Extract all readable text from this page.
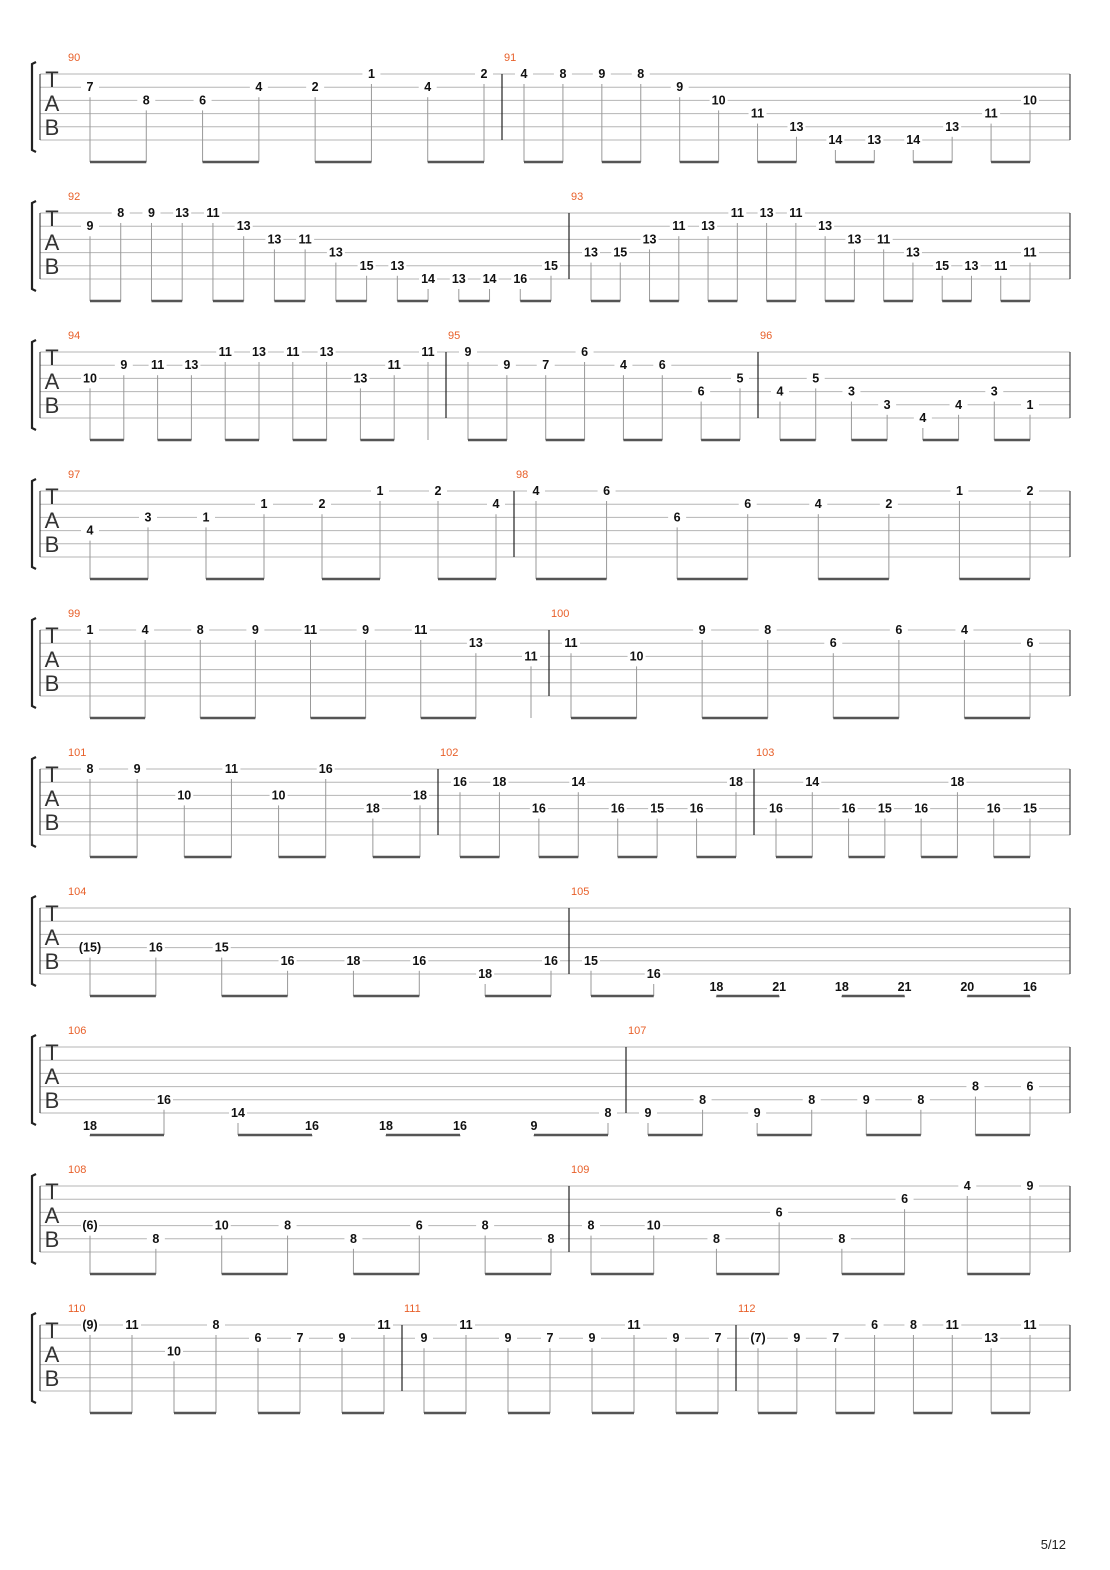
T
A
B
90
7
8	6
4	2
1
4
2
91
4	8	9	8
9
10
11
13
14 13 14
13
11
10
T
A
B
92
9
8 9 13 11
13
13 11
13
15 13
14 13 14 16
15
93
13 15
13
11 13
11 13 11
13
13 11
13
15 13 11
11
T
A
B
94
10
9 11 13
11 13 11 13
13
11
11
95
9
9	7
6
4	6
6
5
96
4
5
3
3
4
4
3
1
T
A
B
97
4
3	1
1	2
1	2
4
98
4	6
6
6	4	2
1	2
T
A
B
99
1	4	8	9	11	9	11
13
11
100
11
10
9	8
6
6	4
6
T
A
B
101
8	9
10
11
10
16
18
18
102
16 18
16
14
16 15 16
18
103
16
14
16 15 16
18
16 15
T
A
B
104
(15)	16	15
16	18	16
18
16
105
15
16
18	21	18	21	20	16
T
A
B
106
18
16
14
16	18	16	9
8
107
9
8
9
8	9	8
8	6
T
A
B
108
(6)
8
10	8
8
6	8
8
109
8	10
8
6
8
6
4	9
T
A
B
110
(9) 11
10
8
6	7	9
11
111
9
11
9	7	9
11
9	7
112
(7) 9	7
6	8 11
13
11
5/12
